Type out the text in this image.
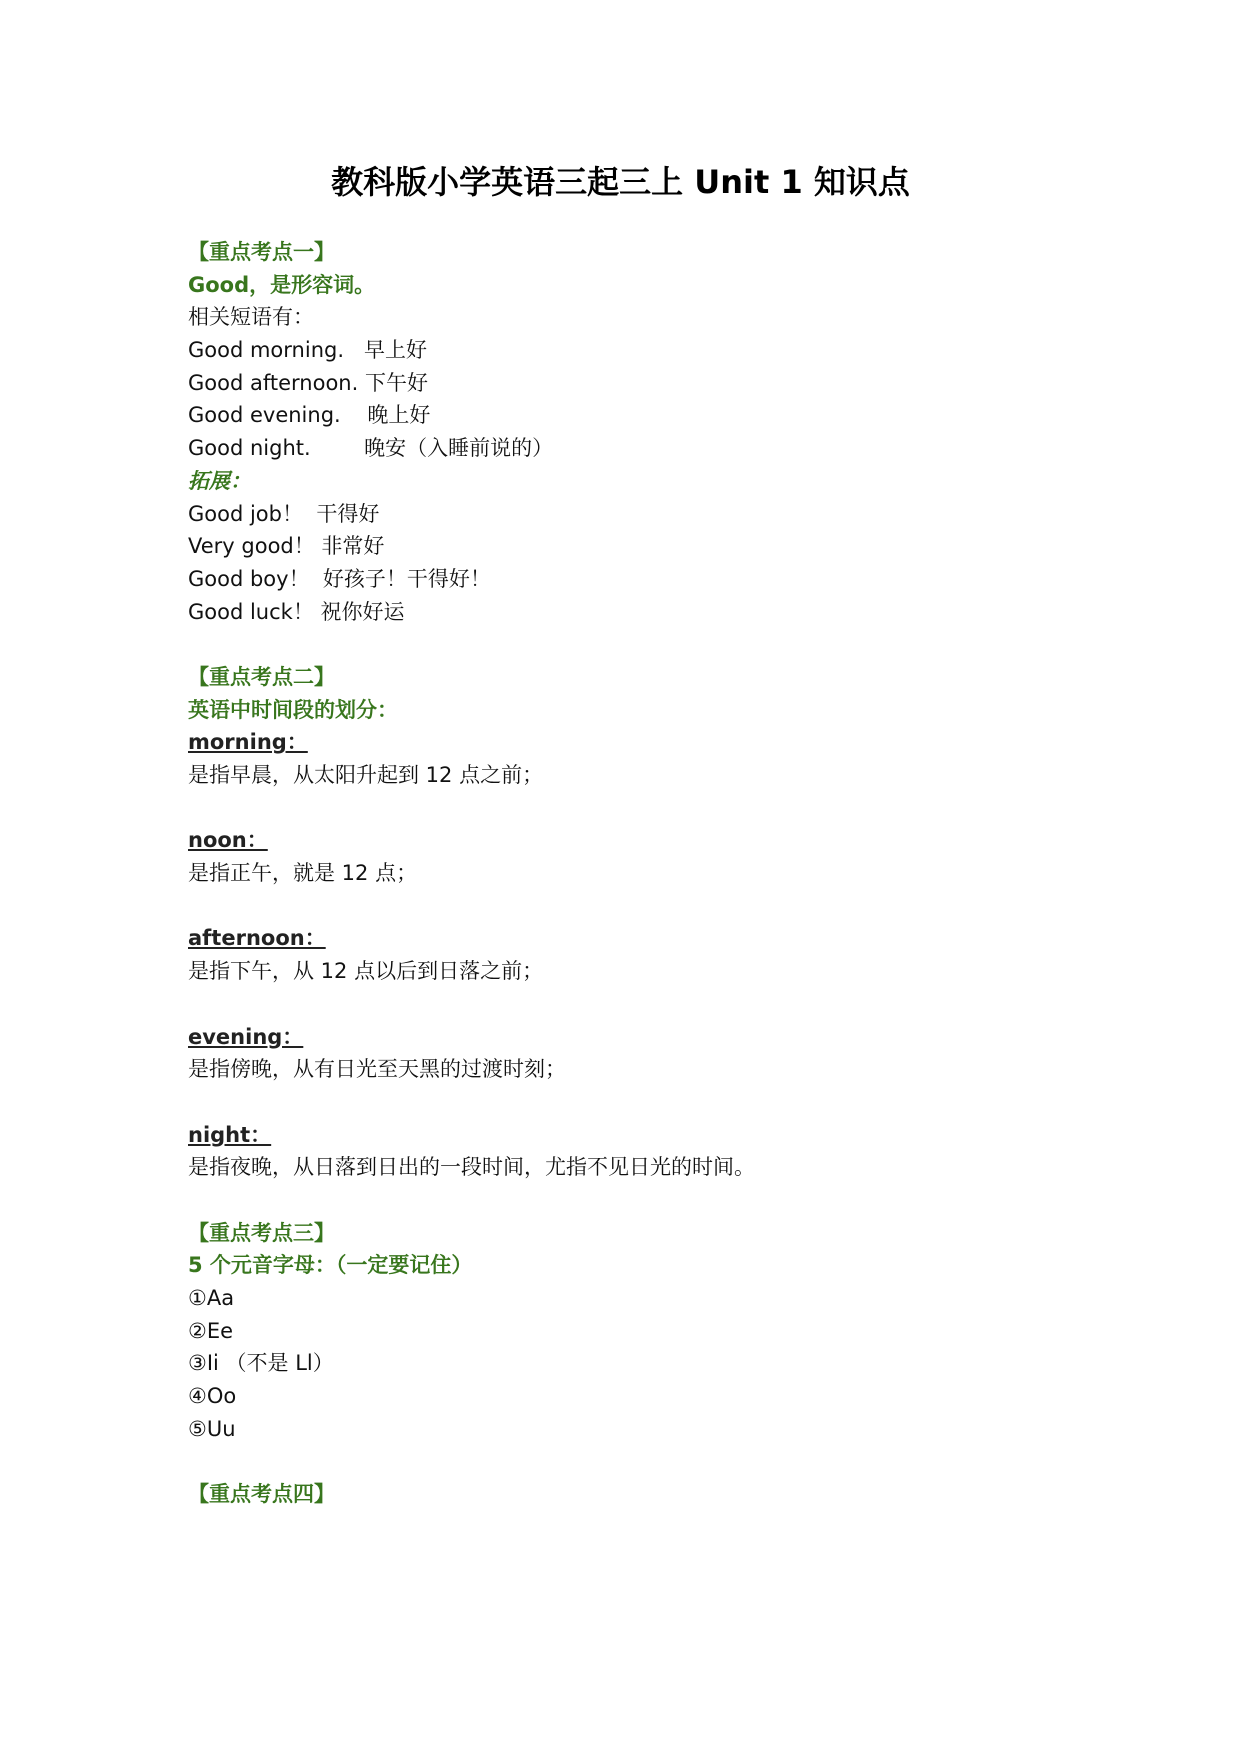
教科版小学英语三起三上 Unit 1 知识点
【重点考点一】
Good，是形容词。
相关短语有：
Good morning.   早上好
Good afternoon. 下午好
Good evening.    晚上好
Good night.        晚安（入睡前说的）
拓展：
Good job！  干得好
Very good！ 非常好
Good boy！  好孩子！干得好！
Good luck！ 祝你好运
【重点考点二】
英语中时间段的划分：
morning：
是指早晨，从太阳升起到 12 点之前；
noon：
是指正午，就是 12 点；
afternoon：
是指下午，从 12 点以后到日落之前；
evening：
是指傍晚，从有日光至天黑的过渡时刻；
night：
是指夜晚，从日落到日出的一段时间，尤指不见日光的时间。
【重点考点三】
5 个元音字母：（一定要记住）
①Aa
②Ee
③Ii （不是 Ll）
④Oo
⑤Uu
【重点考点四】
